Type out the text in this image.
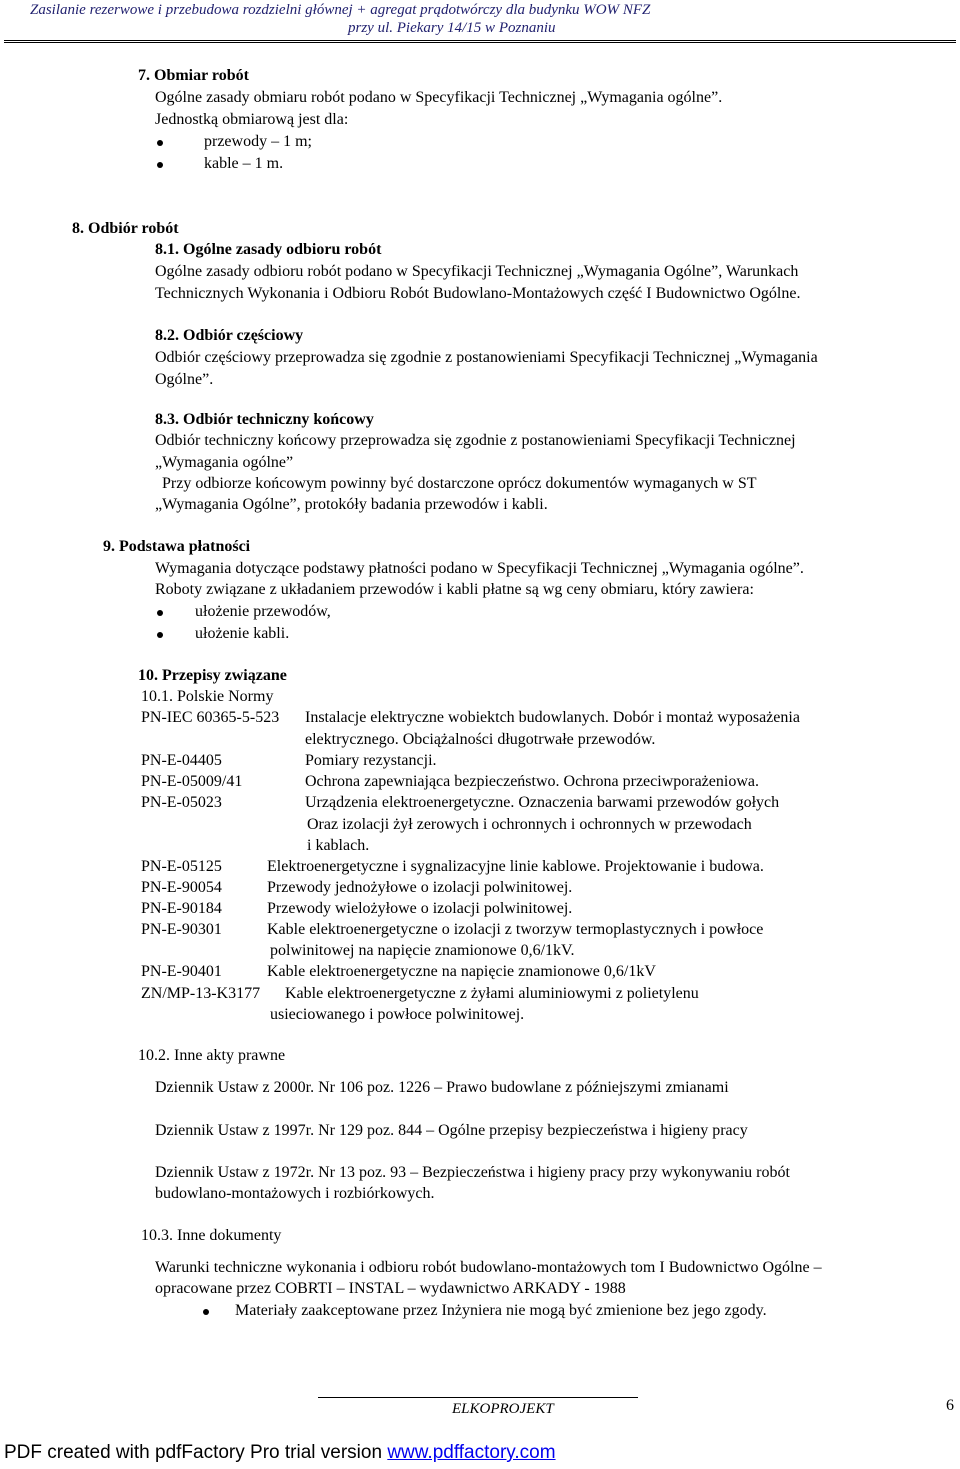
Zasilanie rezerwowe i przebudowa rozdzielni głównej + agregat prądotwórczy dla budynku WOW NFZ
przy ul. Piekary 14/15 w Poznaniu
7. Obmiar robót
Ogólne zasady obmiaru robót podano w Specyfikacji Technicznej „Wymagania ogólne”.
Jednostką obmiarową jest dla:
przewody – 1 m;
kable – 1 m.
8. Odbiór robót
8.1. Ogólne zasady odbioru robót
Ogólne zasady odbioru robót podano w Specyfikacji Technicznej „Wymagania Ogólne”, Warunkach
Technicznych Wykonania i Odbioru Robót Budowlano-Montażowych część I Budownictwo Ogólne.
8.2. Odbiór częściowy
Odbiór częściowy przeprowadza się zgodnie z postanowieniami Specyfikacji Technicznej „Wymagania
Ogólne”.
8.3. Odbiór techniczny końcowy
Odbiór techniczny końcowy przeprowadza się zgodnie z postanowieniami Specyfikacji Technicznej
„Wymagania ogólne”
Przy odbiorze końcowym powinny być dostarczone oprócz dokumentów wymaganych w ST
„Wymagania Ogólne”, protokóły badania przewodów i kabli.
9. Podstawa płatności
Wymagania dotyczące podstawy płatności podano w Specyfikacji Technicznej „Wymagania ogólne”.
Roboty związane z układaniem przewodów i kabli płatne są wg ceny obmiaru, który zawiera:
ułożenie przewodów,
ułożenie kabli.
10. Przepisy związane
10.1. Polskie Normy
PN-IEC 60365-5-523 Instalacje elektryczne wobiektch budowlanych. Dobór i montaż wyposażenia
elektrycznego. Obciążalności długotrwałe przewodów.
PN-E-04405	Pomiary rezystancji.
PN-E-05009/41	Ochrona zapewniająca bezpieczeństwo. Ochrona przeciwporażeniowa.
PN-E-05023	Urządzenia elektroenergetyczne. Oznaczenia barwami przewodów gołych
Oraz izolacji żył zerowych i ochronnych i ochronnych w przewodach
i kablach.
PN-E-05125	Elektroenergetyczne i sygnalizacyjne linie kablowe. Projektowanie i budowa.
PN-E-90054	Przewody jednożyłowe o izolacji polwinitowej.
PN-E-90184	Przewody wielożyłowe o izolacji polwinitowej.
PN-E-90301	Kable elektroenergetyczne o izolacji z tworzyw termoplastycznych i powłoce
polwinitowej na napięcie znamionowe 0,6/1kV.
PN-E-90401	Kable elektroenergetyczne na napięcie znamionowe 0,6/1kV
ZN/MP-13-K3177 Kable elektroenergetyczne z żyłami aluminiowymi z polietylenu
usieciowanego i powłoce polwinitowej.
10.2. Inne akty prawne
Dziennik Ustaw z 2000r. Nr 106 poz. 1226 – Prawo budowlane z późniejszymi zmianami
Dziennik Ustaw z 1997r. Nr 129 poz. 844 – Ogólne przepisy bezpieczeństwa i higieny pracy
Dziennik Ustaw z 1972r. Nr 13 poz. 93 – Bezpieczeństwa i higieny pracy przy wykonywaniu robót
budowlano-montażowych i rozbiórkowych.
10.3. Inne dokumenty
Warunki techniczne wykonania i odbioru robót budowlano-montażowych tom I Budownictwo Ogólne –
opracowane przez COBRTI – INSTAL – wydawnictwo ARKADY - 1988
Materiały zaakceptowane przez Inżyniera nie mogą być zmienione bez jego zgody.
ELKOPROJEKT	6
PDF created with pdfFactory Pro trial version www.pdffactory.com
